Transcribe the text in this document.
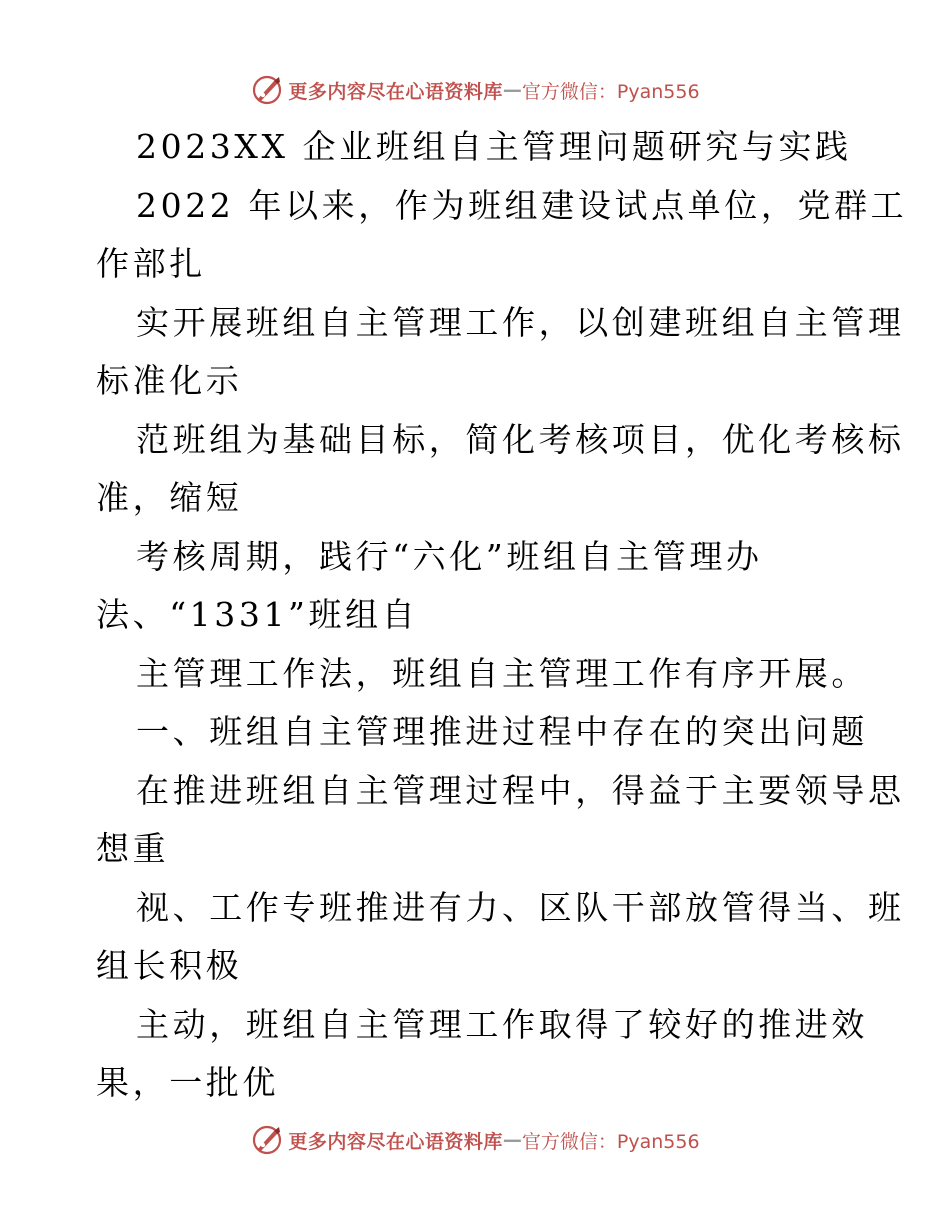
更多内容尽在心语资料库 — 官方微信：Pyan556
2023XX 企业班组自主管理问题研究与实践
2022 年以来，作为班组建设试点单位，党群工
作部扎
实开展班组自主管理工作，以创建班组自主管理
标准化示
范班组为基础目标，简化考核项目，优化考核标
准，缩短
考核周期，践行“六化”班组自主管理办
法、“1331”班组自
主管理工作法，班组自主管理工作有序开展。
一、班组自主管理推进过程中存在的突出问题
在推进班组自主管理过程中，得益于主要领导思
想重
视、工作专班推进有力、区队干部放管得当、班
组长积极
主动，班组自主管理工作取得了较好的推进效
果，一批优
更多内容尽在心语资料库 — 官方微信：Pyan556
